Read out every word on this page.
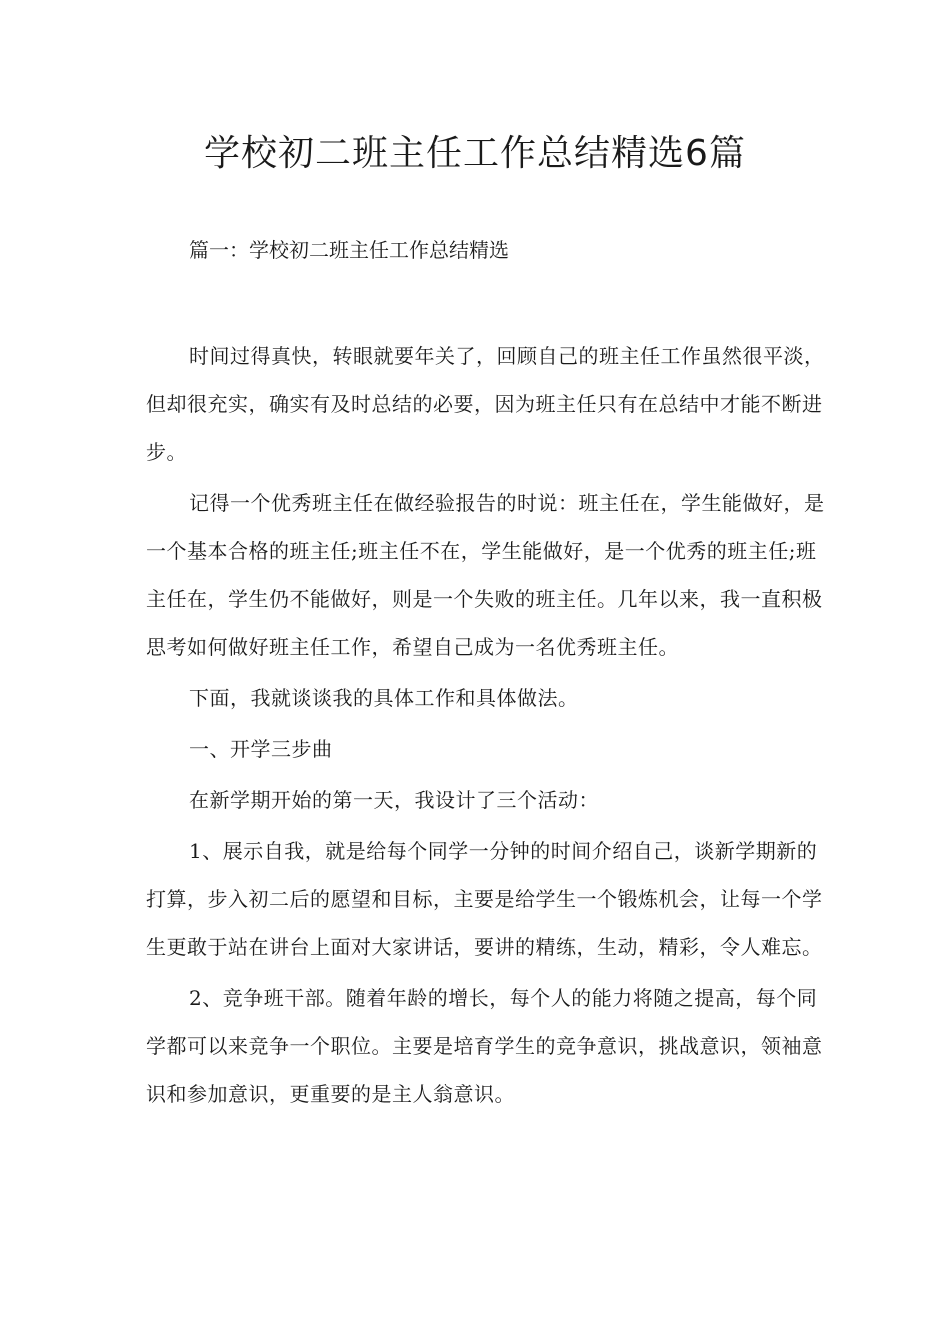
学校初二班主任工作总结精选6篇

篇一：学校初二班主任工作总结精选

时间过得真快，转眼就要年关了，回顾自己的班主任工作虽然很平淡，但却很充实，确实有及时总结的必要，因为班主任只有在总结中才能不断进步。

记得一个优秀班主任在做经验报告的时说：班主任在，学生能做好，是一个基本合格的班主任;班主任不在，学生能做好，是一个优秀的班主任;班主任在，学生仍不能做好，则是一个失败的班主任。几年以来，我一直积极思考如何做好班主任工作，希望自己成为一名优秀班主任。

下面，我就谈谈我的具体工作和具体做法。

一、开学三步曲

在新学期开始的第一天，我设计了三个活动：

1、展示自我，就是给每个同学一分钟的时间介绍自己，谈新学期新的打算，步入初二后的愿望和目标，主要是给学生一个锻炼机会，让每一个学生更敢于站在讲台上面对大家讲话，要讲的精练，生动，精彩，令人难忘。

2、竞争班干部。随着年龄的增长，每个人的能力将随之提高，每个同学都可以来竞争一个职位。主要是培育学生的竞争意识，挑战意识，领袖意识和参加意识，更重要的是主人翁意识。
